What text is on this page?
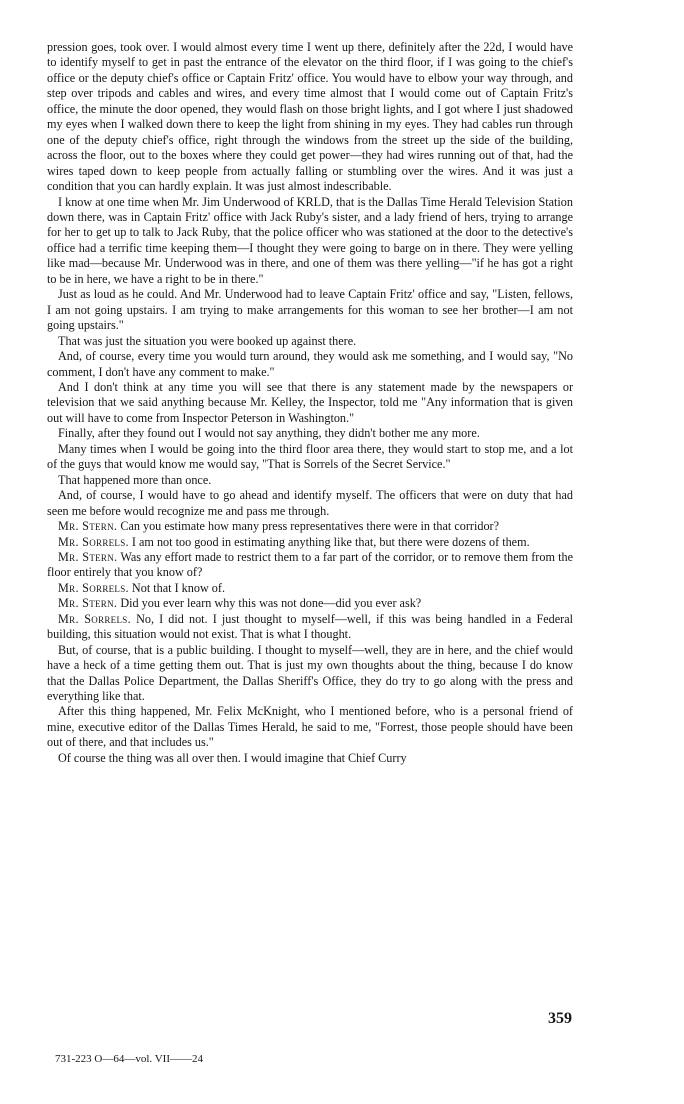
pression goes, took over. I would almost every time I went up there, definitely after the 22d, I would have to identify myself to get in past the entrance of the elevator on the third floor, if I was going to the chief's office or the deputy chief's office or Captain Fritz' office. You would have to elbow your way through, and step over tripods and cables and wires, and every time almost that I would come out of Captain Fritz's office, the minute the door opened, they would flash on those bright lights, and I got where I just shadowed my eyes when I walked down there to keep the light from shining in my eyes. They had cables run through one of the deputy chief's office, right through the windows from the street up the side of the building, across the floor, out to the boxes where they could get power—they had wires running out of that, had the wires taped down to keep people from actually falling or stumbling over the wires. And it was just a condition that you can hardly explain. It was just almost indescribable.

I know at one time when Mr. Jim Underwood of KRLD, that is the Dallas Time Herald Television Station down there, was in Captain Fritz' office with Jack Ruby's sister, and a lady friend of hers, trying to arrange for her to get up to talk to Jack Ruby, that the police officer who was stationed at the door to the detective's office had a terrific time keeping them—I thought they were going to barge on in there. They were yelling like mad—because Mr. Underwood was in there, and one of them was there yelling—"if he has got a right to be in here, we have a right to be in there."

Just as loud as he could. And Mr. Underwood had to leave Captain Fritz' office and say, "Listen, fellows, I am not going upstairs. I am trying to make arrangements for this woman to see her brother—I am not going upstairs."

That was just the situation you were booked up against there.

And, of course, every time you would turn around, they would ask me something, and I would say, "No comment, I don't have any comment to make."

And I don't think at any time you will see that there is any statement made by the newspapers or television that we said anything because Mr. Kelley, the Inspector, told me "Any information that is given out will have to come from Inspector Peterson in Washington."

Finally, after they found out I would not say anything, they didn't bother me any more.

Many times when I would be going into the third floor area there, they would start to stop me, and a lot of the guys that would know me would say, "That is Sorrels of the Secret Service."

That happened more than once.

And, of course, I would have to go ahead and identify myself. The officers that were on duty that had seen me before would recognize me and pass me through.

Mr. Stern. Can you estimate how many press representatives there were in that corridor?

Mr. Sorrels. I am not too good in estimating anything like that, but there were dozens of them.

Mr. Stern. Was any effort made to restrict them to a far part of the corridor, or to remove them from the floor entirely that you know of?

Mr. Sorrels. Not that I know of.

Mr. Stern. Did you ever learn why this was not done—did you ever ask?

Mr. Sorrels. No, I did not. I just thought to myself—well, if this was being handled in a Federal building, this situation would not exist. That is what I thought.

But, of course, that is a public building. I thought to myself—well, they are in here, and the chief would have a heck of a time getting them out. That is just my own thoughts about the thing, because I do know that the Dallas Police Department, the Dallas Sheriff's Office, they do try to go along with the press and everything like that.

After this thing happened, Mr. Felix McKnight, who I mentioned before, who is a personal friend of mine, executive editor of the Dallas Times Herald, he said to me, "Forrest, those people should have been out of there, and that includes us."

Of course the thing was all over then. I would imagine that Chief Curry

359

731-223 O—64—vol. VII——24
